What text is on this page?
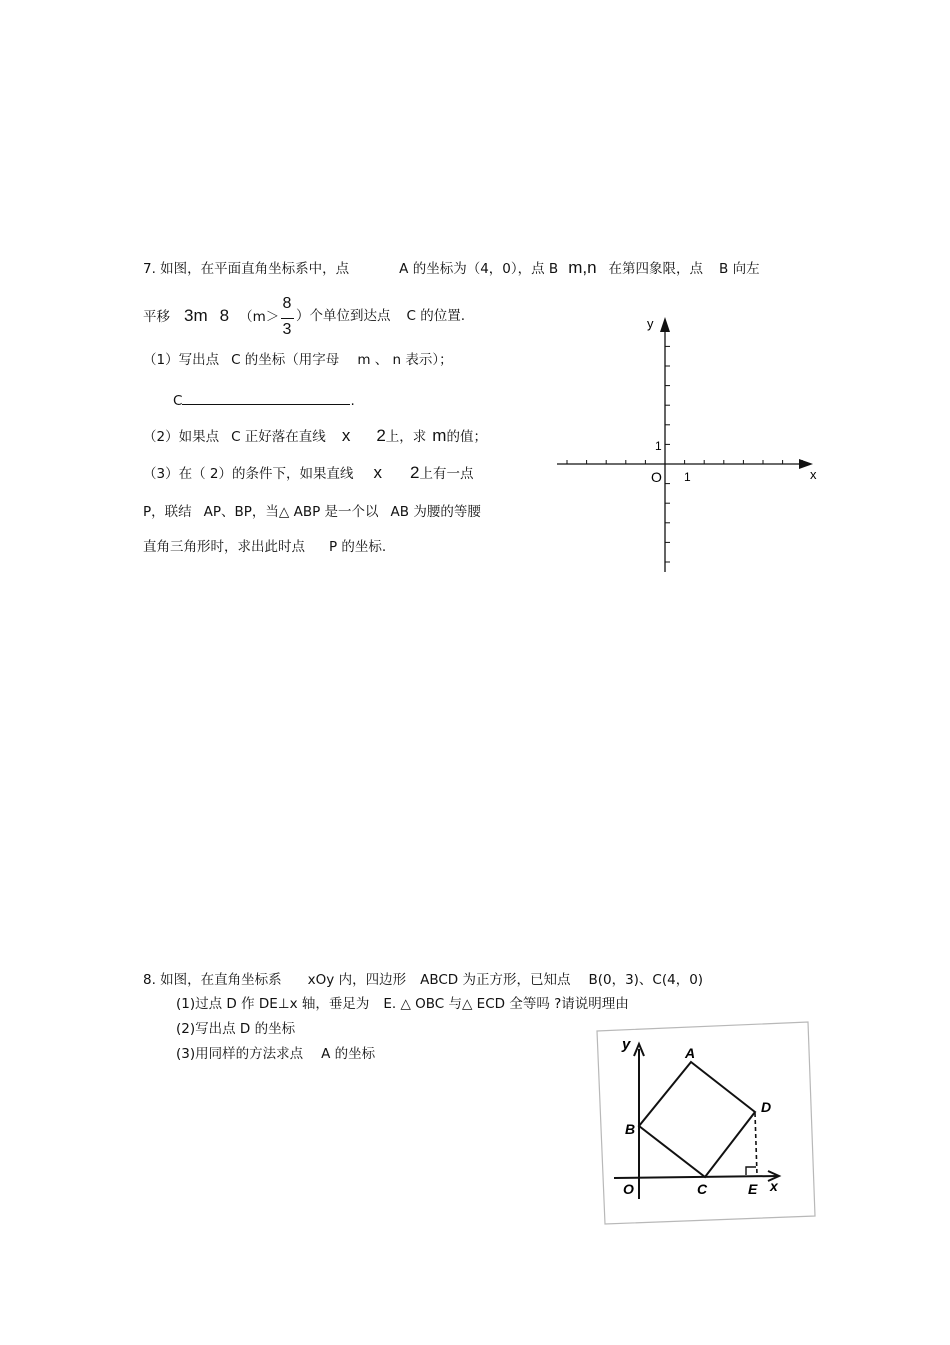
7. 如图，在平面直角坐标系中，点	A 的坐标为（4，0），点 B m,n 在第四象限，点 B 向左
平移 3m 8 （m＞
8
3
）个单位到达点 C 的位置.
（1）写出点 C 的坐标（用字母 m 、 n 表示）；
C	.
（2）如果点 C 正好落在直线 x 2上，求 m的值；
（3）在（ 2）的条件下，如果直线 x 2上有一点
P，联结 AP、BP，当△ ABP 是一个以 AB 为腰的等腰
直角三角形时，求出此时点 P 的坐标.
y
x
O 1
1
8. 如图，在直角坐标系 xOy 内，四边形 ABCD 为正方形，已知点 B(0，3)、C(4，0)
(1)过点 D 作 DE⊥x 轴，垂足为 E. △ OBC 与△ ECD 全等吗 ?请说明理由
(2)写出点 D 的坐标
(3)用同样的方法求点 A 的坐标
y	A
D
B
O	C	E x
